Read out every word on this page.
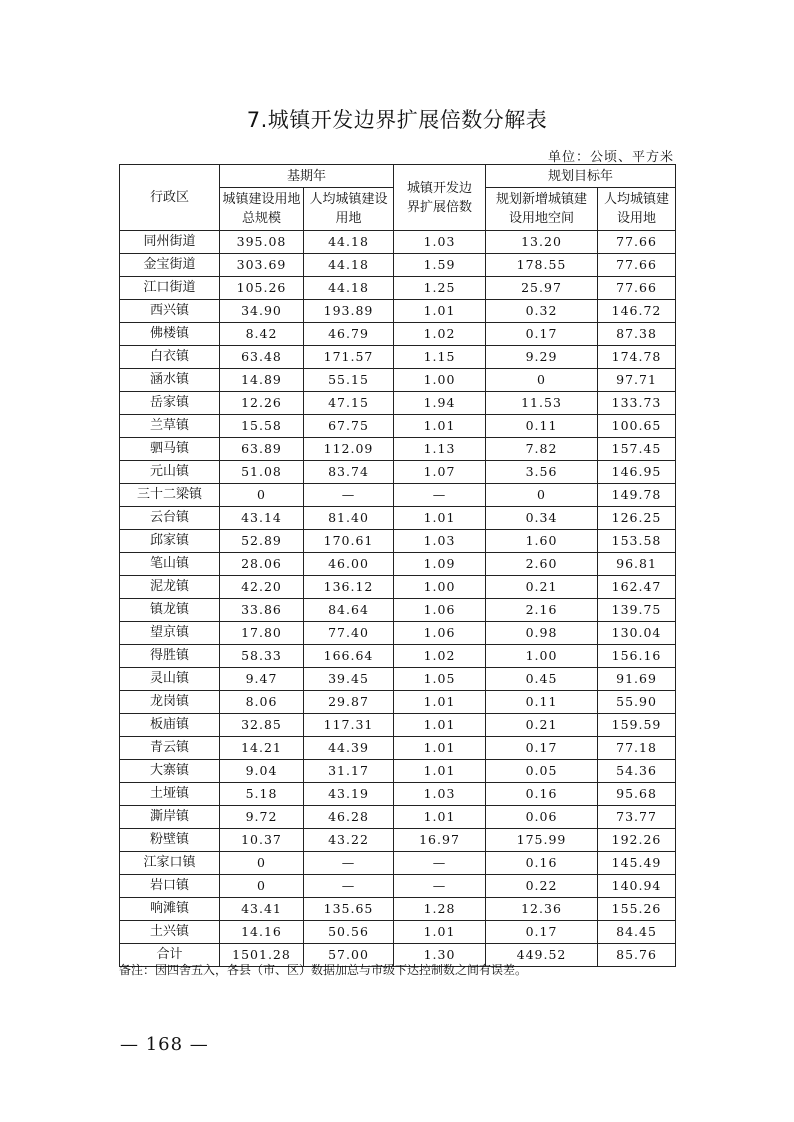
7.城镇开发边界扩展倍数分解表
单位：公顷、平方米
行政区	基期年		城镇开发边界扩展倍数	规划目标年	
	城镇建设用地总规模	人均城镇建设用地		规划新增城镇建设用地空间	人均城镇建设用地
同州街道	395.08	44.18	1.03	13.20	77.66
金宝街道	303.69	44.18	1.59	178.55	77.66
江口街道	105.26	44.18	1.25	25.97	77.66
西兴镇	34.90	193.89	1.01	0.32	146.72
佛楼镇	8.42	46.79	1.02	0.17	87.38
白衣镇	63.48	171.57	1.15	9.29	174.78
涵水镇	14.89	55.15	1.00	0	97.71
岳家镇	12.26	47.15	1.94	11.53	133.73
兰草镇	15.58	67.75	1.01	0.11	100.65
驷马镇	63.89	112.09	1.13	7.82	157.45
元山镇	51.08	83.74	1.07	3.56	146.95
三十二梁镇	0	—	—	0	149.78
云台镇	43.14	81.40	1.01	0.34	126.25
邱家镇	52.89	170.61	1.03	1.60	153.58
笔山镇	28.06	46.00	1.09	2.60	96.81
泥龙镇	42.20	136.12	1.00	0.21	162.47
镇龙镇	33.86	84.64	1.06	2.16	139.75
望京镇	17.80	77.40	1.06	0.98	130.04
得胜镇	58.33	166.64	1.02	1.00	156.16
灵山镇	9.47	39.45	1.05	0.45	91.69
龙岗镇	8.06	29.87	1.01	0.11	55.90
板庙镇	32.85	117.31	1.01	0.21	159.59
青云镇	14.21	44.39	1.01	0.17	77.18
大寨镇	9.04	31.17	1.01	0.05	54.36
土垭镇	5.18	43.19	1.03	0.16	95.68
澌岸镇	9.72	46.28	1.01	0.06	73.77
粉壁镇	10.37	43.22	16.97	175.99	192.26
江家口镇	0	—	—	0.16	145.49
岩口镇	0	—	—	0.22	140.94
响滩镇	43.41	135.65	1.28	12.36	155.26
土兴镇	14.16	50.56	1.01	0.17	84.45
合计	1501.28	57.00	1.30	449.52	85.76
备注：因四舍五入，各县（市、区）数据加总与市级下达控制数之间有误差。
— 168 —
